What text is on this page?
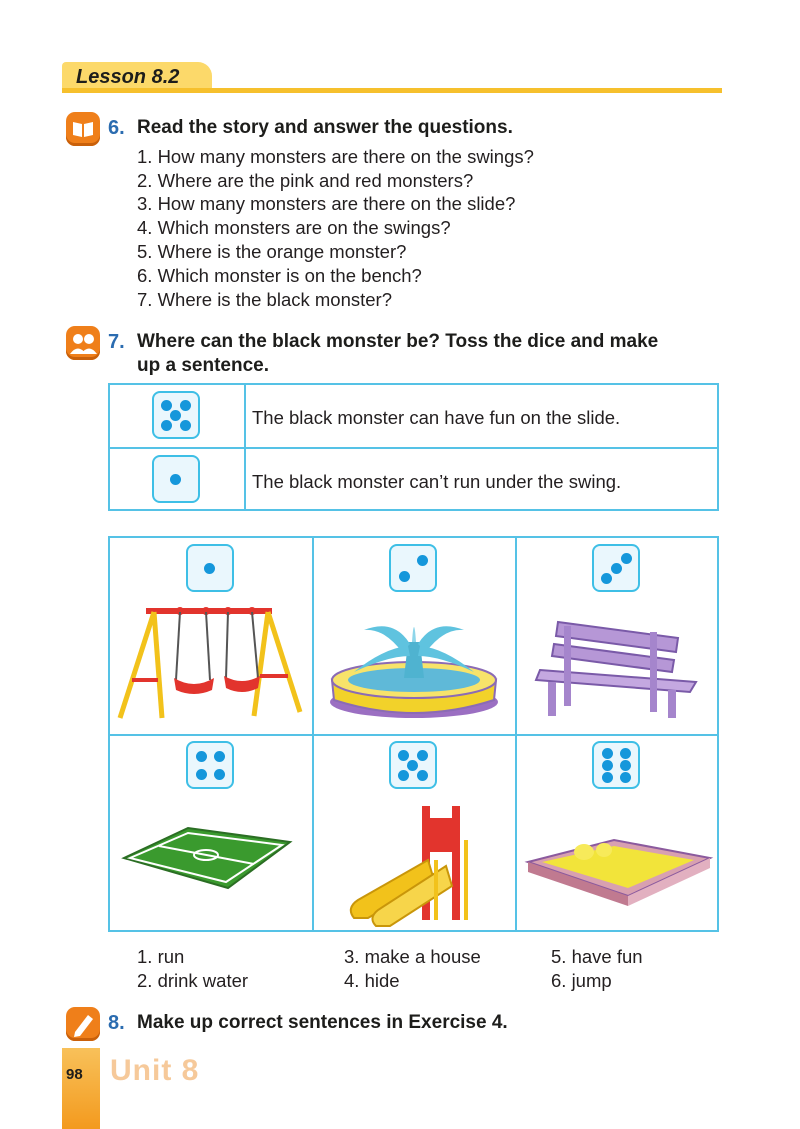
Lesson 8.2
6. Read the story and answer the questions.
1. How many monsters are there on the swings?
2. Where are the pink and red monsters?
3. How many monsters are there on the slide?
4. Which monsters are on the swings?
5. Where is the orange monster?
6. Which monster is on the bench?
7. Where is the black monster?
7. Where can the black monster be? Toss the dice and make
up a sentence.
The black monster can have fun on the slide.
The black monster can’t run under the swing.
1. run
2. drink water
3. make a house
4. hide
5. have fun
6. jump
8. Make up correct sentences in Exercise 4.
98 Unit 8
